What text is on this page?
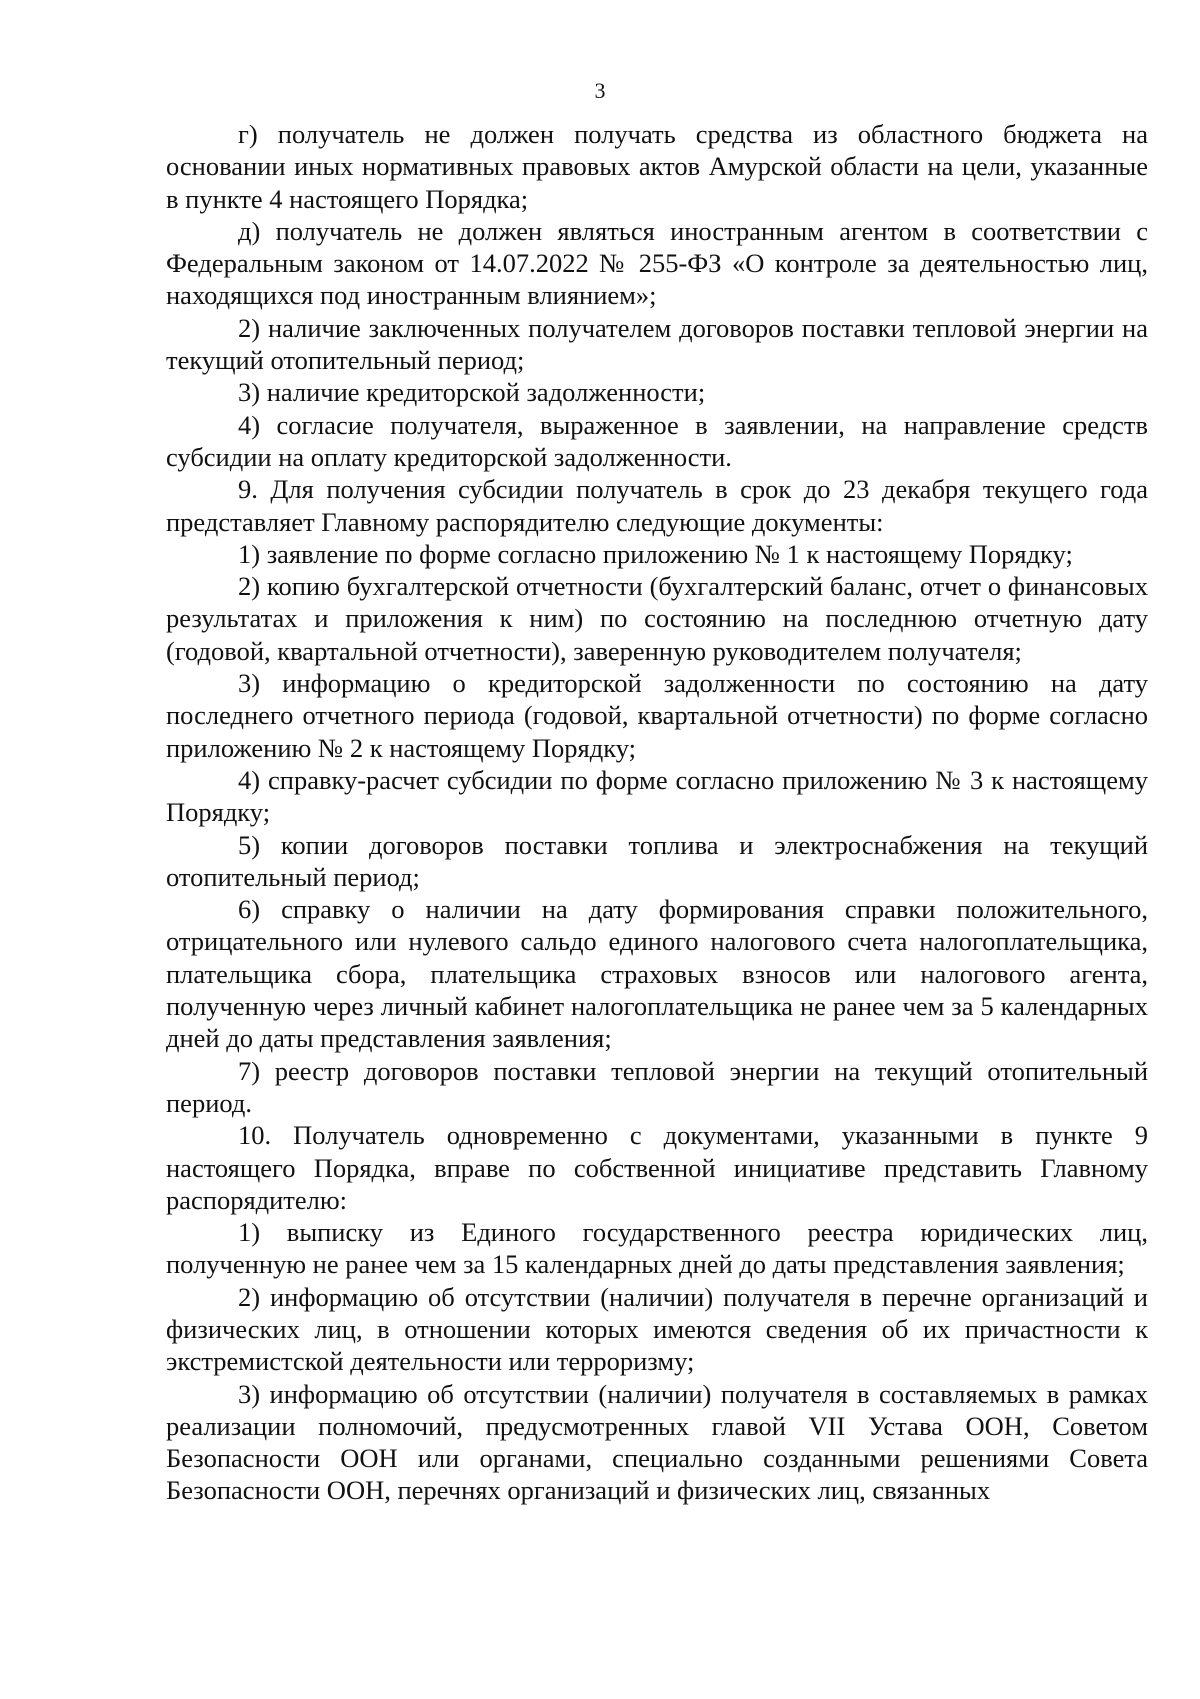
3

г) получатель не должен получать средства из областного бюджета на основании иных нормативных правовых актов Амурской области на цели, указанные в пункте 4 настоящего Порядка;

д) получатель не должен являться иностранным агентом в соответствии с Федеральным законом от 14.07.2022 № 255-ФЗ «О контроле за деятельностью лиц, находящихся под иностранным влиянием»;

2) наличие заключенных получателем договоров поставки тепловой энергии на текущий отопительный период;

3) наличие кредиторской задолженности;

4) согласие получателя, выраженное в заявлении, на направление средств субсидии на оплату кредиторской задолженности.

9. Для получения субсидии получатель в срок до 23 декабря текущего года представляет Главному распорядителю следующие документы:

1) заявление по форме согласно приложению № 1 к настоящему Порядку;

2) копию бухгалтерской отчетности (бухгалтерский баланс, отчет о финансовых результатах и приложения к ним) по состоянию на последнюю отчетную дату (годовой, квартальной отчетности), заверенную руководителем получателя;

3) информацию о кредиторской задолженности по состоянию на дату последнего отчетного периода (годовой, квартальной отчетности) по форме согласно приложению № 2 к настоящему Порядку;

4) справку-расчет субсидии по форме согласно приложению № 3 к настоящему Порядку;

5) копии договоров поставки топлива и электроснабжения на текущий отопительный период;

6) справку о наличии на дату формирования справки положительного, отрицательного или нулевого сальдо единого налогового счета налогоплательщика, плательщика сбора, плательщика страховых взносов или налогового агента, полученную через личный кабинет налогоплательщика не ранее чем за 5 календарных дней до даты представления заявления;

7) реестр договоров поставки тепловой энергии на текущий отопительный период.

10. Получатель одновременно с документами, указанными в пункте 9 настоящего Порядка, вправе по собственной инициативе представить Главному распорядителю:

1) выписку из Единого государственного реестра юридических лиц, полученную не ранее чем за 15 календарных дней до даты представления заявления;

2) информацию об отсутствии (наличии) получателя в перечне организаций и физических лиц, в отношении которых имеются сведения об их причастности к экстремистской деятельности или терроризму;

3) информацию об отсутствии (наличии) получателя в составляемых в рамках реализации полномочий, предусмотренных главой VII Устава ООН, Советом Безопасности ООН или органами, специально созданными решениями Совета Безопасности ООН, перечнях организаций и физических лиц, связанных
